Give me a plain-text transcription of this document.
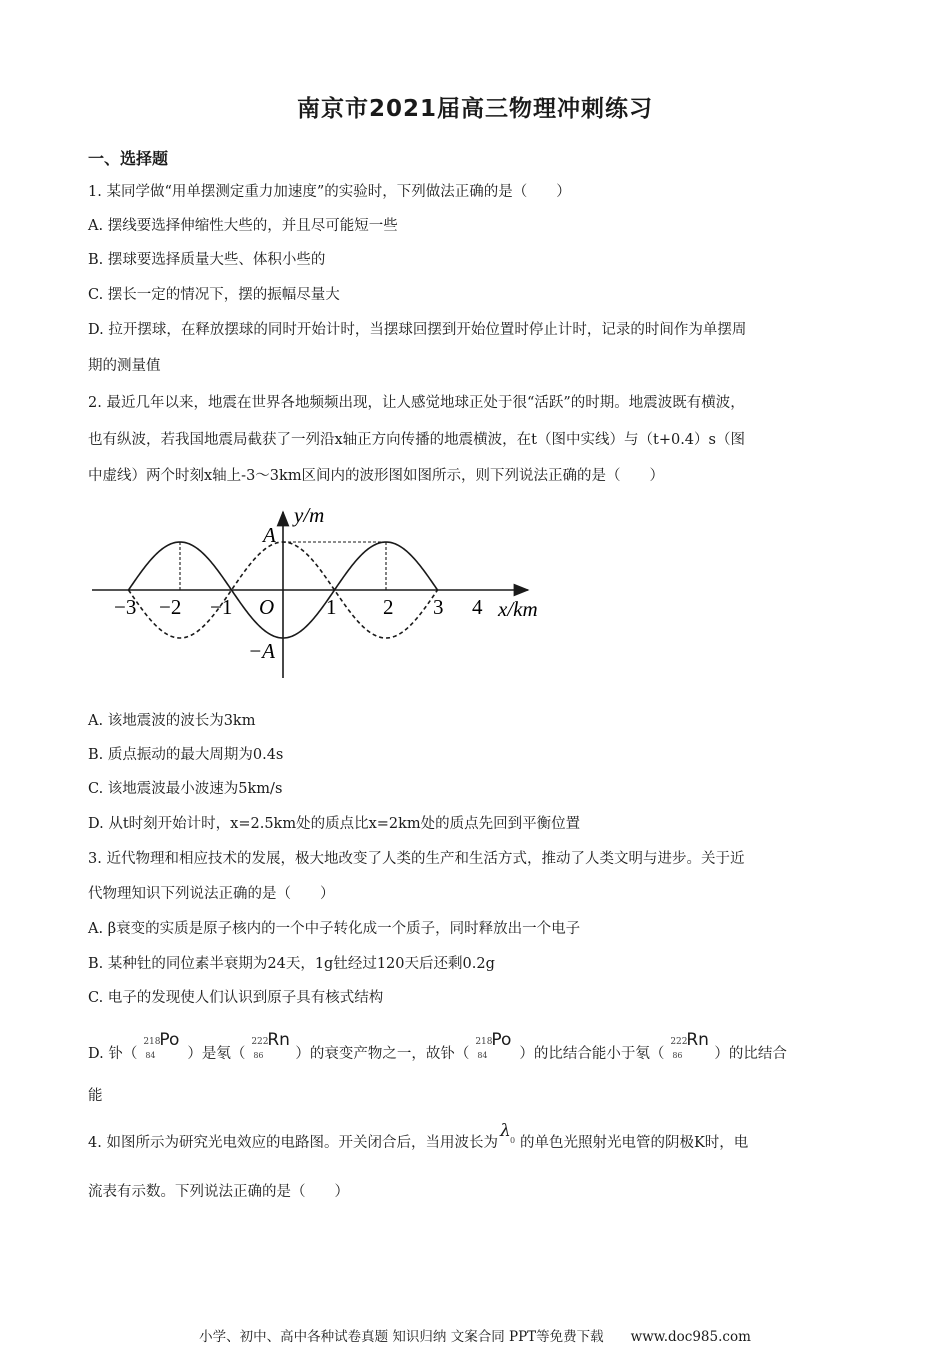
南京市2021届高三物理冲刺练习
一、选择题
1. 某同学做“用单摆测定重力加速度”的实验时，下列做法正确的是（　　）
A. 摆线要选择伸缩性大些的，并且尽可能短一些
B. 摆球要选择质量大些、体积小些的
C. 摆长一定的情况下，摆的振幅尽量大
D. 拉开摆球，在释放摆球的同时开始计时，当摆球回摆到开始位置时停止计时，记录的时间作为单摆周
期的测量值
2. 最近几年以来，地震在世界各地频频出现，让人感觉地球正处于很“活跃”的时期。地震波既有横波，
也有纵波，若我国地震局截获了一列沿x轴正方向传播的地震横波，在t（图中实线）与（t+0.4）s（图
中虚线）两个时刻x轴上-3～3km区间内的波形图如图所示，则下列说法正确的是（　　）
y/m
x/km
A
−A
−3 −2 −1 O 1 2 3 4
A. 该地震波的波长为3km
B. 质点振动的最大周期为0.4s
C. 该地震波最小波速为5km/s
D. 从t时刻开始计时，x=2.5km处的质点比x=2km处的质点先回到平衡位置
3. 近代物理和相应技术的发展，极大地改变了人类的生产和生活方式，推动了人类文明与进步。关于近
代物理知识下列说法正确的是（　　）
A. β衰变的实质是原子核内的一个中子转化成一个质子，同时释放出一个电子
B. 某种钍的同位素半衰期为24天，1g钍经过120天后还剩0.2g
C. 电子的发现使人们认识到原子具有核式结构
D. 钋（
218
84
Po
）是氡（
222
86
Rn
）的衰变产物之一，故钋（
218
84
Po
）的比结合能小于氡（
222
86
Rn
）的比结合
能
4. 如图所示为研究光电效应的电路图。开关闭合后，当用波长为
λ 0 的单色光照射光电管的阴极K时，电
流表有示数。下列说法正确的是（　　）
小学、初中、高中各种试卷真题 知识归纳 文案合同 PPT等免费下载　　www.doc985.com
